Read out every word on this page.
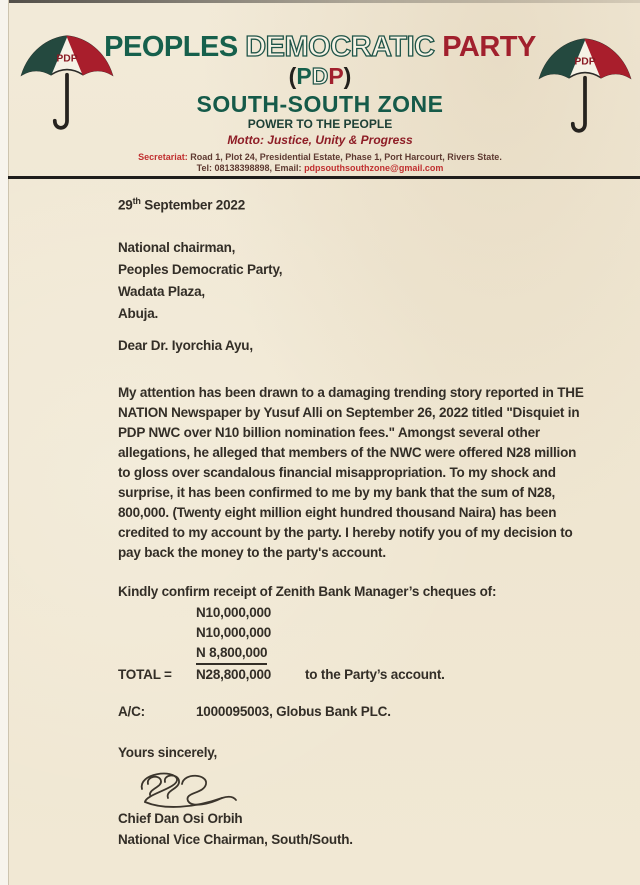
PDP	PDP
PEOPLES DEMOCRATIC PARTY
(PDP)
SOUTH-SOUTH ZONE
POWER TO THE PEOPLE
Motto: Justice, Unity & Progress
Secretariat: Road 1, Plot 24, Presidential Estate, Phase 1, Port Harcourt, Rivers State.
Tel: 08138398898, Email: pdpsouthsouthzone@gmail.com
29th September 2022
National chairman,
Peoples Democratic Party,
Wadata Plaza,
Abuja.
Dear Dr. Iyorchia Ayu,
My attention has been drawn to a damaging trending story reported in THE
NATION Newspaper by Yusuf Alli on September 26, 2022 titled "Disquiet in
PDP NWC over N10 billion nomination fees." Amongst several other
allegations, he alleged that members of the NWC were offered N28 million
to gloss over scandalous financial misappropriation. To my shock and
surprise, it has been confirmed to me by my bank that the sum of N28,
800,000. (Twenty eight million eight hundred thousand Naira) has been
credited to my account by the party. I hereby notify you of my decision to
pay back the money to the party's account.
Kindly confirm receipt of Zenith Bank Manager’s cheques of:
N10,000,000
N10,000,000
N 8,800,000
TOTAL =	N28,800,000	to the Party’s account.
A/C:	1000095003, Globus Bank PLC.
Yours sincerely,
Chief Dan Osi Orbih
National Vice Chairman, South/South.
